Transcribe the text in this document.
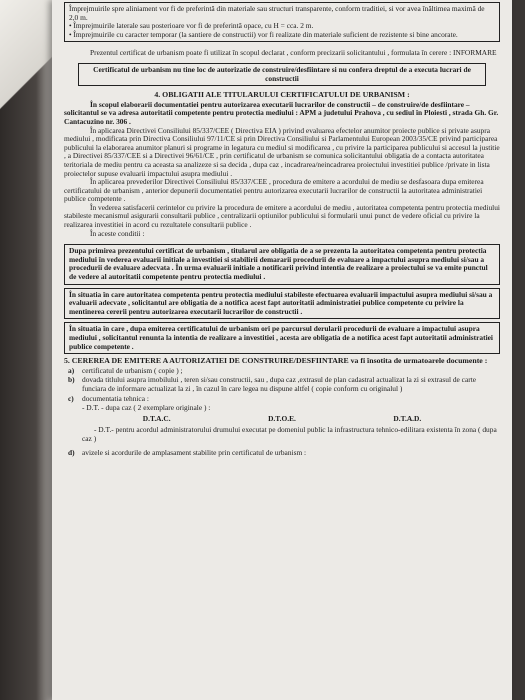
Împrejmuirile spre aliniament vor fi de preferintă din materiale sau structuri transparente, conform traditiei, si vor avea înăltimea maximă de 2,0 m.

• Împrejmuirile laterale sau posterioare vor fi de preferintă opace, cu H = cca. 2 m.

• Împrejmuirile cu caracter temporar (la santiere de constructii) vor fi realizate din materiale suficient de rezistente si bine ancorate.

Prezentul certificat de urbanism poate fi utilizat în scopul declarat , conform precizarii solicitantului , formulata în cerere : INFORMARE

Certificatul de urbanism nu tine loc de autorizatie de construire/desfiintare si nu confera dreptul de a executa lucrari de constructii
4. OBLIGATII ALE TITULARULUI CERTIFICATULUI DE URBANISM :

În scopul elaborarii documentatiei pentru autorizarea executarii lucrarilor de constructii – de construire/de desfiintare – solicitantul se va adresa autoritatii competente pentru protectia mediului : APM a judetului Prahova , cu sediul în Ploiesti , strada Gh. Gr. Cantacuzino nr. 306 .

În aplicarea Directivei Consiliului 85/337/CEE ( Directiva EIA ) privind evaluarea efectelor anumitor proiecte publice si private asupra mediului , modificata prin Directiva Consiliului 97/11/CE si prin Directiva Consiliului si Parlamentului European 2003/35/CE privind participarea publicului la elaborarea anumitor planuri si programe in legatura cu mediul si modificarea , cu privire la participarea publicului si accesul la justitie , a Directivei 85/337/CEE si a Directivei 96/61/CE , prin certificatul de urbanism se comunica solicitantului obligatia de a contacta autoritatea teritoriala de mediu pentru ca aceasta sa analizeze si sa decida , dupa caz , incadrarea/neincadrarea proiectului investitiei publice /private in lista proiectelor supuse evaluarii impactului asupra mediului .

În aplicarea prevederilor Directivei Consiliului 85/337/CEE , procedura de emitere a acordului de mediu se desfasoara dupa emiterea certificatului de urbanism , anterior depunerii documentatiei pentru autorizarea executarii lucrarilor de constructii la autoritatea administratiei publice competente .

În vederea satisfacerii cerintelor cu privire la procedura de emitere a acordului de mediu , autoritatea competenta pentru protectia mediului stabileste mecanismul asigurarii consultarii publice , centralizarii optiunilor publicului si formularii unui punct de vedere oficial cu privire la realizarea investitiei in acord cu rezultatele consultarii publice .

În aceste conditii :

Dupa primirea prezentului certificat de urbanism , titularul are obligatia de a se prezenta la autoritatea competenta pentru protectia mediului în vederea evaluarii initiale a investitiei si stabilirii demararii procedurii de evaluare a impactului asupra mediului si/sau a procedurii de evaluare adecvata . În urma evaluarii initiale a notificarii privind intentia de realizare a proiectului se va emite punctul de vedere al autoritatii competente pentru protectia mediului .
În situatia în care autoritatea competenta pentru protectia mediului stabileste efectuarea evaluarii impactului asupra mediului si/sau a evaluarii adecvate , solicitantul are obligatia de a notifica acest fapt autoritatii administratiei publice competente cu privire la mentinerea cererii pentru autorizarea executarii lucrarilor de constructii .
În situatia în care , dupa emiterea certificatului de urbanism ori pe parcursul derularii procedurii de evaluare a impactului asupra mediului , solicitantul renunta la intentia de realizare a investitiei , acesta are obligatia de a notifica acest fapt autoritatii administratiei publice competente .
5. CEREREA DE EMITERE A AUTORIZATIEI DE CONSTRUIRE/DESFIINTARE va fi însotita de urmatoarele documente :
a) certificatul de urbanism ( copie ) ;
b) dovada titlului asupra imobilului , teren si/sau constructii, sau , dupa caz ,extrasul de plan cadastral actualizat la zi si extrasul de carte funciara de informare actualizat la zi , în cazul în care legea nu dispune altfel ( copie conform cu originalul )
c) documentatia tehnica :

- D.T. - dupa caz ( 2 exemplare originale ) :

D.T.A.C.	D.T.O.E.	D.T.A.D.

- D.T.- pentru acordul administratorului drumului executat pe domeniul public la infrastructura tehnico-edilitara existenta în zona ( dupa caz )

d) avizele si acordurile de amplasament stabilite prin certificatul de urbanism :
